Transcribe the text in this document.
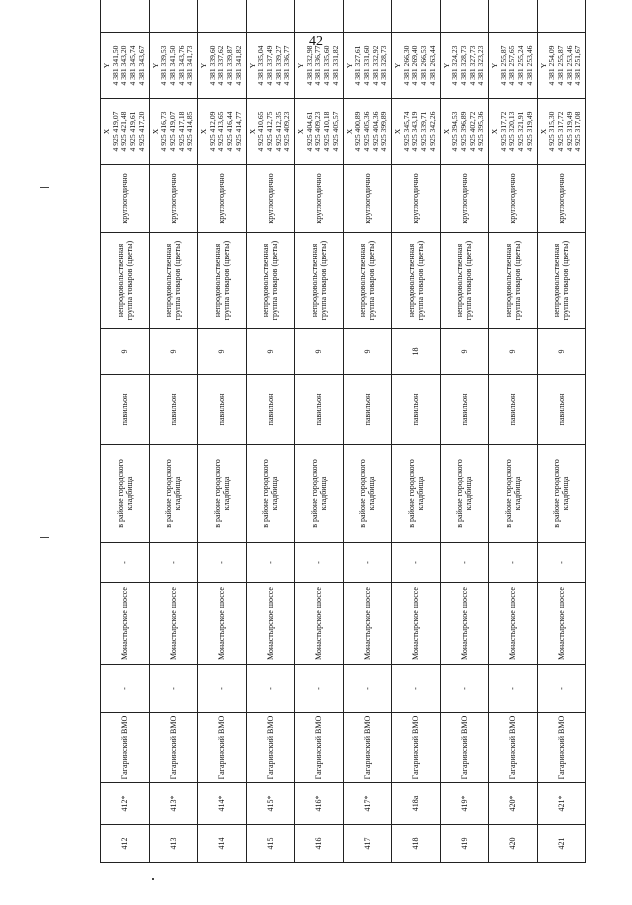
42
412	412*	Гагаринский ВМО	-	Монастырское шоссе	-	в районе городского кладбища	павильон	9	непродовольственная группа товаров (цветы)	круглогодично	X 4 925 419,07 4 925 421,48 4 925 419,61 4 925 417,20	Y 4 381 341,50 4 381 343,20 4 381 345,74 4 381 343,67

413	413*	Гагаринский ВМО	-	Монастырское шоссе	-	в районе городского кладбища	павильон	9	непродовольственная группа товаров (цветы)	круглогодично	X 4 925 416,73 4 925 419,07 4 925 417,18 4 925 414,85	Y 4 381 339,53 4 381 341,50 4 381 343,76 4 381 341,73

414	414*	Гагаринский ВМО	-	Монастырское шоссе	-	в районе городского кладбища	павильон	9	непродовольственная группа товаров (цветы)	круглогодично	X 4 925 412,09 4 925 413,65 4 925 416,44 4 925 414,77	Y 4 381 339,60 4 381 337,62 4 381 339,87 4 381 341,82

415	415*	Гагаринский ВМО	-	Монастырское шоссе	-	в районе городского кладбища	павильон	9	непродовольственная группа товаров (цветы)	круглогодично	X 4 925 410,65 4 925 412,75 4 925 412,35 4 925 409,23	Y 4 381 335,04 4 381 337,49 4 381 339,27 4 381 336,77

416	416*	Гагаринский ВМО	-	Монастырское шоссе	-	в районе городского кладбища	павильон	9	непродовольственная группа товаров (цветы)	круглогодично	X 4 925 404,61 4 925 409,23 4 925 410,18 4 925 405,57	Y 4 381 332,98 4 381 336,77 4 381 335,60 4 381 331,82

417	417*	Гагаринский ВМО	-	Монастырское шоссе	-	в районе городского кладбища	павильон	9	непродовольственная группа товаров (цветы)	круглогодично	X 4 925 400,89 4 925 405,36 4 925 404,36 4 925 399,89	Y 4 381 327,61 4 381 331,60 4 381 332,92 4 381 328,73

418	418а	Гагаринский ВМО	-	Монастырское шоссе	-	в районе городского кладбища	павильон	18	непродовольственная группа товаров (цветы)	круглогодично	X 4 925 345,74 4 925 343,19 4 925 339,71 4 925 342,26	Y 4 381 266,30 4 381 269,40 4 381 266,53 4 381 263,44

419	419*	Гагаринский ВМО	-	Монастырское шоссе	-	в районе городского кладбища	павильон	9	непродовольственная группа товаров (цветы)	круглогодично	X 4 925 394,53 4 925 396,89 4 925 402,72 4 925 395,36	Y 4 381 324,23 4 381 328,73 4 381 327,73 4 381 323,23

420	420*	Гагаринский ВМО	-	Монастырское шоссе	-	в районе городского кладбища	павильон	9	непродовольственная группа товаров (цветы)	круглогодично	X 4 925 317,72 4 925 320,13 4 925 321,91 4 925 319,49	Y 4 381 255,87 4 381 257,65 4 381 255,24 4 381 253,46

421	421*	Гагаринский ВМО	-	Монастырское шоссе	-	в районе городского кладбища	павильон	9	непродовольственная группа товаров (цветы)	круглогодично	X 4 925 315,30 4 925 317,72 4 925 319,49 4 925 317,08	Y 4 381 254,09 4 381 255,87 4 381 253,46 4 381 251,67
